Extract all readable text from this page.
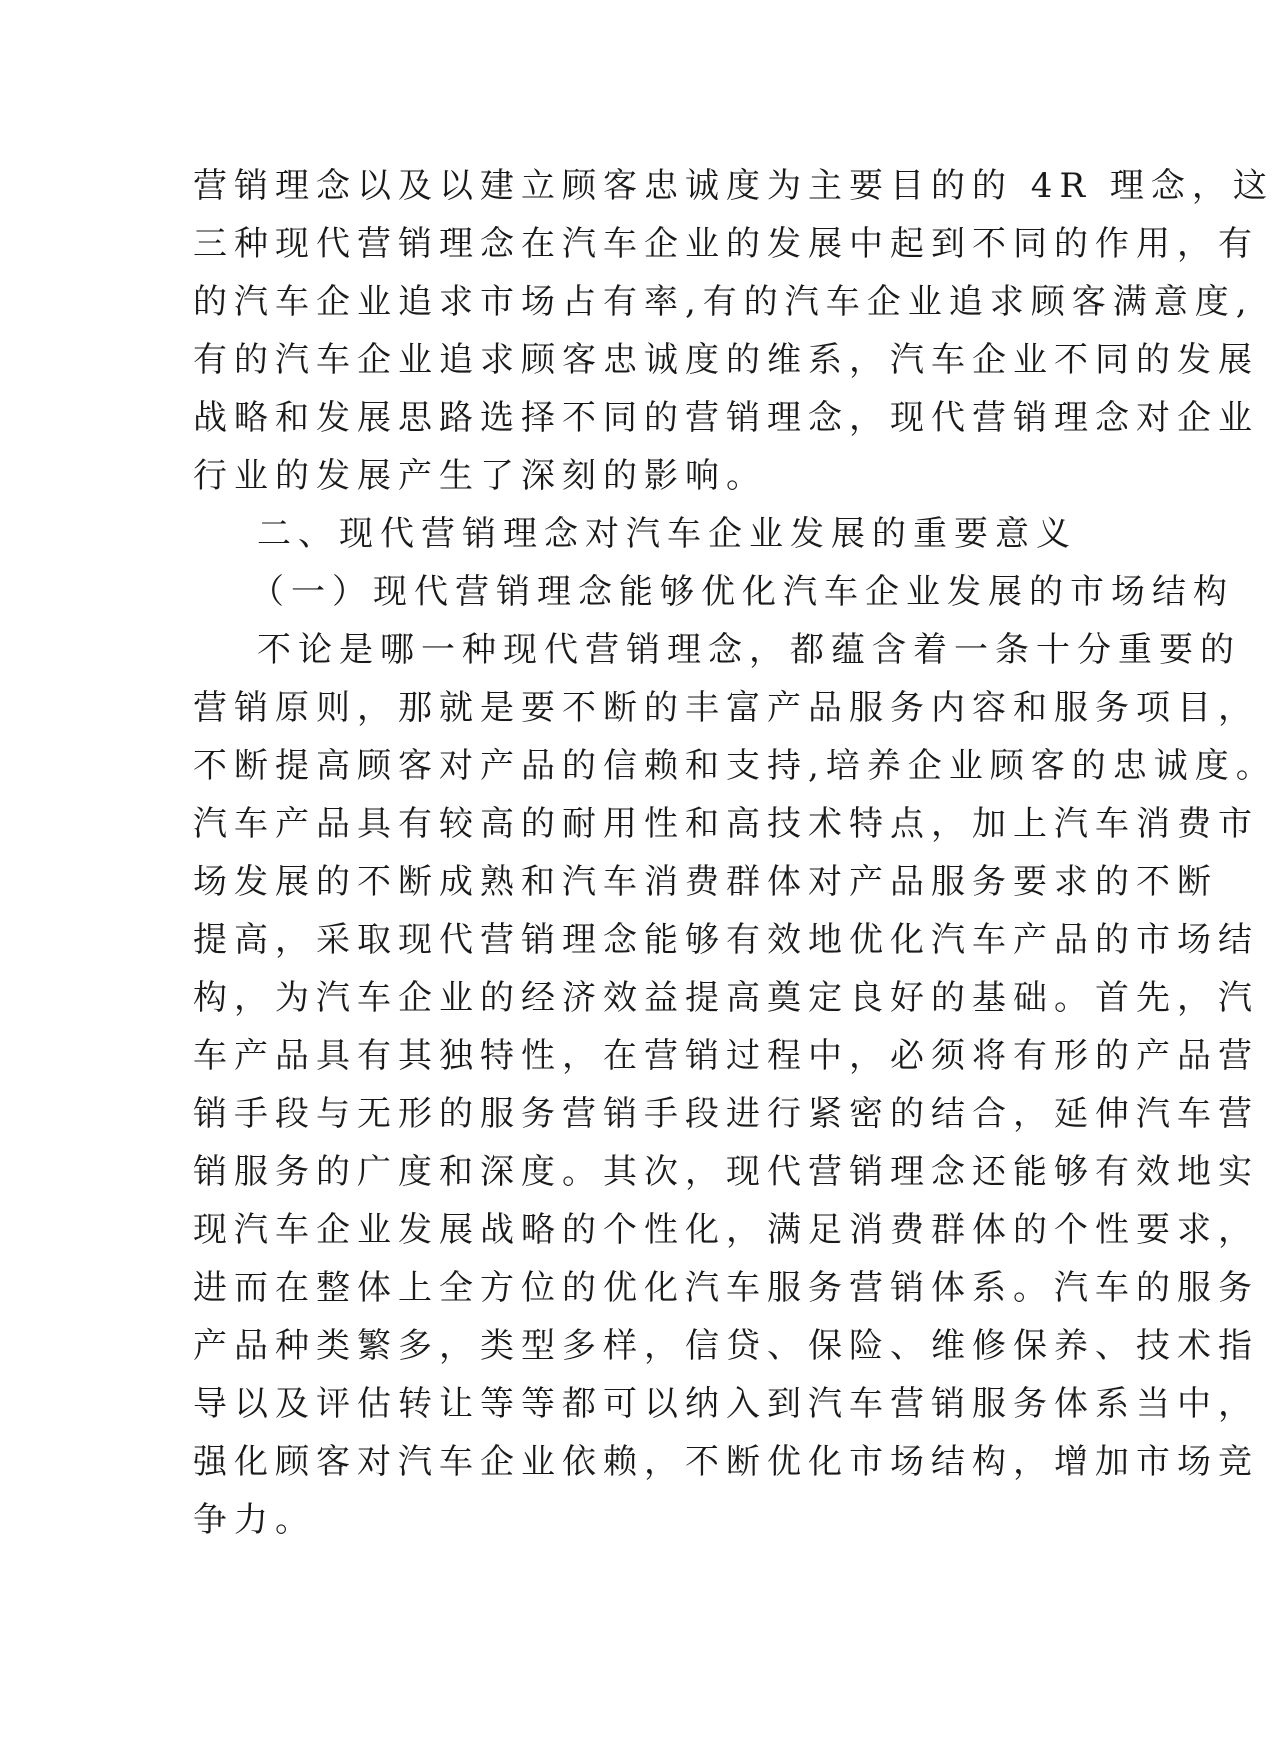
营销理念以及以建立顾客忠诚度为主要目的的 4R 理念，这
三种现代营销理念在汽车企业的发展中起到不同的作用，有
的汽车企业追求市场占有率,有的汽车企业追求顾客满意度,
有的汽车企业追求顾客忠诚度的维系，汽车企业不同的发展
战略和发展思路选择不同的营销理念，现代营销理念对企业
行业的发展产生了深刻的影响。
二、现代营销理念对汽车企业发展的重要意义
（一）现代营销理念能够优化汽车企业发展的市场结构
不论是哪一种现代营销理念，都蕴含着一条十分重要的
营销原则，那就是要不断的丰富产品服务内容和服务项目，
不断提高顾客对产品的信赖和支持,培养企业顾客的忠诚度。
汽车产品具有较高的耐用性和高技术特点，加上汽车消费市
场发展的不断成熟和汽车消费群体对产品服务要求的不断
提高，采取现代营销理念能够有效地优化汽车产品的市场结
构，为汽车企业的经济效益提高奠定良好的基础。首先，汽
车产品具有其独特性，在营销过程中，必须将有形的产品营
销手段与无形的服务营销手段进行紧密的结合，延伸汽车营
销服务的广度和深度。其次，现代营销理念还能够有效地实
现汽车企业发展战略的个性化，满足消费群体的个性要求，
进而在整体上全方位的优化汽车服务营销体系。汽车的服务
产品种类繁多，类型多样，信贷、保险、维修保养、技术指
导以及评估转让等等都可以纳入到汽车营销服务体系当中，
强化顾客对汽车企业依赖，不断优化市场结构，增加市场竞
争力。
